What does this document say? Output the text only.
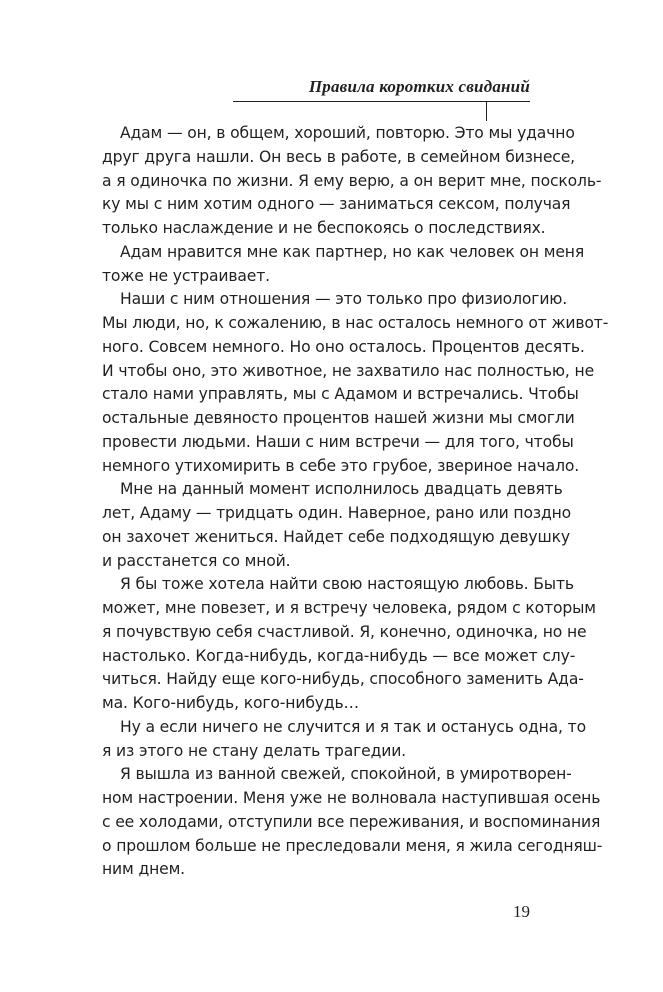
Правила коротких свиданий
Адам — он, в общем, хороший, повторю. Это мы удачно
друг друга нашли. Он весь в работе, в семейном бизнесе,
а я одиночка по жизни. Я ему верю, а он верит мне, посколь-
ку мы с ним хотим одного — заниматься сексом, получая
только наслаждение и не беспокоясь о последствиях.
Адам нравится мне как партнер, но как человек он меня
тоже не устраивает.
Наши с ним отношения — это только про физиологию.
Мы люди, но, к сожалению, в нас осталось немного от живот-
ного. Совсем немного. Но оно осталось. Процентов десять.
И чтобы оно, это животное, не захватило нас полностью, не
стало нами управлять, мы с Адамом и встречались. Чтобы
остальные девяносто процентов нашей жизни мы смогли
провести людьми. Наши с ним встречи — для того, чтобы
немного утихомирить в себе это грубое, звериное начало.
Мне на данный момент исполнилось двадцать девять
лет, Адаму — тридцать один. Наверное, рано или поздно
он захочет жениться. Найдет себе подходящую девушку
и расстанется со мной.
Я бы тоже хотела найти свою настоящую любовь. Быть
может, мне повезет, и я встречу человека, рядом с которым
я почувствую себя счастливой. Я, конечно, одиночка, но не
настолько. Когда-нибудь, когда-нибудь — все может слу-
читься. Найду еще кого-нибудь, способного заменить Ада-
ма. Кого-нибудь, кого-нибудь…
Ну а если ничего не случится и я так и останусь одна, то
я из этого не стану делать трагедии.
Я вышла из ванной свежей, спокойной, в умиротворен-
ном настроении. Меня уже не волновала наступившая осень
с ее холодами, отступили все переживания, и воспоминания
о прошлом больше не преследовали меня, я жила сегодняш-
ним днем.
19
